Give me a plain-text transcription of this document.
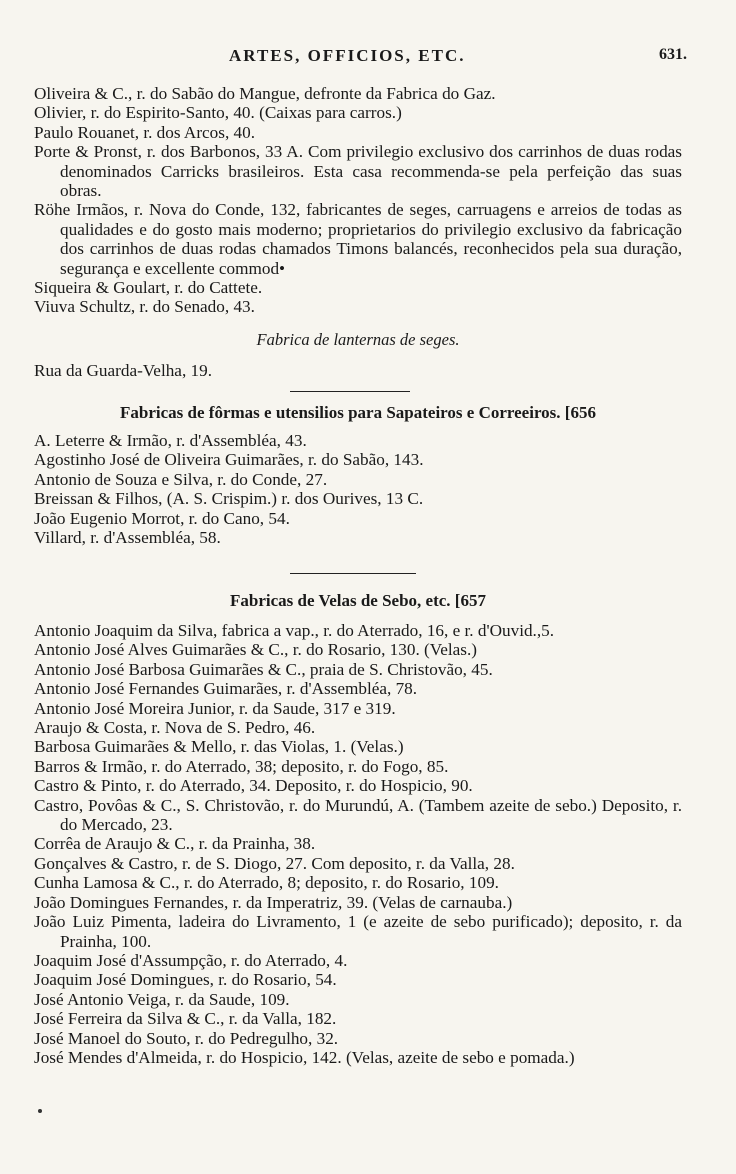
ARTES, OFFICIOS, ETC.	631.

Oliveira & C., r. do Sabão do Mangue, defronte da Fabrica do Gaz.

Olivier, r. do Espirito-Santo, 40. (Caixas para carros.)

Paulo Rouanet, r. dos Arcos, 40.

Porte & Pronst, r. dos Barbonos, 33 A. Com privilegio exclusivo dos carrinhos de duas rodas denominados Carricks brasileiros. Esta casa recommenda-se pela perfeição das suas obras.

Röhe Irmãos, r. Nova do Conde, 132, fabricantes de seges, carruagens e arreios de todas as qualidades e do gosto mais moderno; proprietarios do privilegio exclusivo da fabricação dos carrinhos de duas rodas chamados Timons balancés, reconhecidos pela sua duração, segurança e excellente commod•

Siqueira & Goulart, r. do Cattete.

Viuva Schultz, r. do Senado, 43.

Fabrica de lanternas de seges.

Rua da Guarda-Velha, 19.

Fabricas de fôrmas e utensilios para Sapateiros e Correeiros. [656

A. Leterre & Irmão, r. d'Assembléa, 43.

Agostinho José de Oliveira Guimarães, r. do Sabão, 143.

Antonio de Souza e Silva, r. do Conde, 27.

Breissan & Filhos, (A. S. Crispim.) r. dos Ourives, 13 C.

João Eugenio Morrot, r. do Cano, 54.

Villard, r. d'Assembléa, 58.

Fabricas de Velas de Sebo, etc. [657

Antonio Joaquim da Silva, fabrica a vap., r. do Aterrado, 16, e r. d'Ouvid.,5.

Antonio José Alves Guimarães & C., r. do Rosario, 130. (Velas.)

Antonio José Barbosa Guimarães & C., praia de S. Christovão, 45.

Antonio José Fernandes Guimarães, r. d'Assembléa, 78.

Antonio José Moreira Junior, r. da Saude, 317 e 319.

Araujo & Costa, r. Nova de S. Pedro, 46.

Barbosa Guimarães & Mello, r. das Violas, 1. (Velas.)

Barros & Irmão, r. do Aterrado, 38; deposito, r. do Fogo, 85.

Castro & Pinto, r. do Aterrado, 34. Deposito, r. do Hospicio, 90.

Castro, Povôas & C., S. Christovão, r. do Murundú, A. (Tambem azeite de sebo.) Deposito, r. do Mercado, 23.

Corrêa de Araujo & C., r. da Prainha, 38.

Gonçalves & Castro, r. de S. Diogo, 27. Com deposito, r. da Valla, 28.

Cunha Lamosa & C., r. do Aterrado, 8; deposito, r. do Rosario, 109.

João Domingues Fernandes, r. da Imperatriz, 39. (Velas de carnauba.)

João Luiz Pimenta, ladeira do Livramento, 1 (e azeite de sebo purificado); deposito, r. da Prainha, 100.

Joaquim José d'Assumpção, r. do Aterrado, 4.

Joaquim José Domingues, r. do Rosario, 54.

José Antonio Veiga, r. da Saude, 109.

José Ferreira da Silva & C., r. da Valla, 182.

José Manoel do Souto, r. do Pedregulho, 32.

José Mendes d'Almeida, r. do Hospicio, 142. (Velas, azeite de sebo e pomada.)
